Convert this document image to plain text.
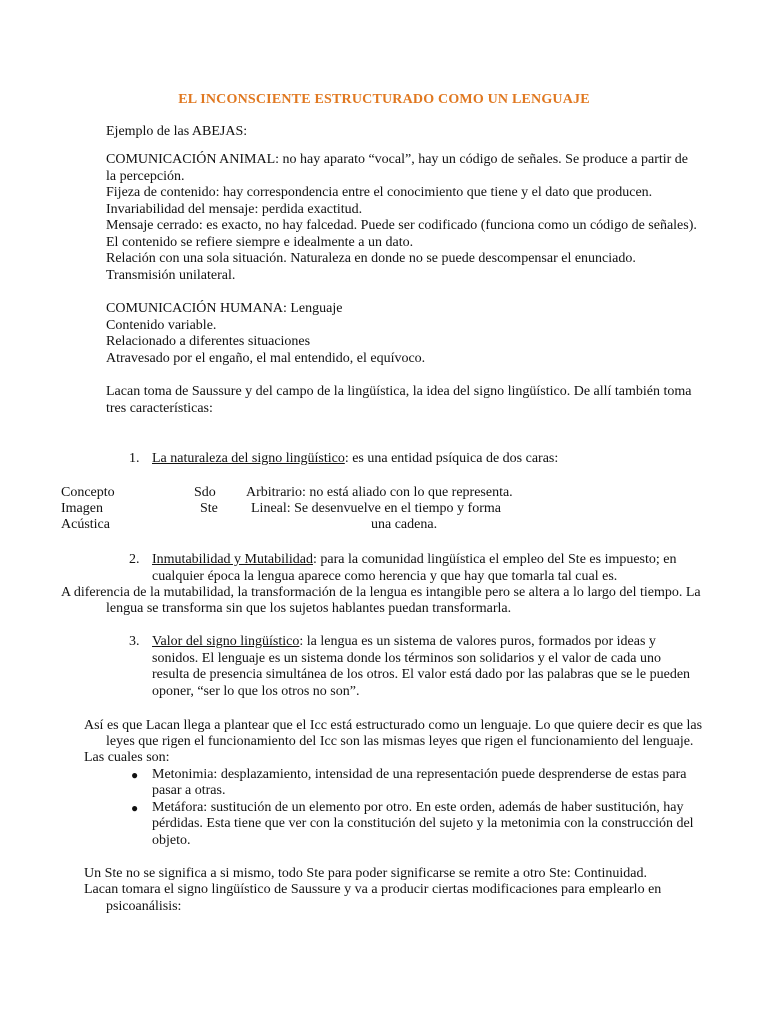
EL INCONSCIENTE ESTRUCTURADO COMO UN LENGUAJE
Ejemplo de las ABEJAS:
COMUNICACIÓN ANIMAL: no hay aparato “vocal”, hay un código de señales. Se produce a partir de
la percepción.
Fijeza de contenido: hay correspondencia entre el conocimiento que tiene y el dato que producen.
Invariabilidad del mensaje: perdida exactitud.
Mensaje cerrado: es exacto, no hay falcedad. Puede ser codificado (funciona como un código de señales).
El contenido se refiere siempre e idealmente a un dato.
Relación con una sola situación. Naturaleza en donde no se puede descompensar el enunciado.
Transmisión unilateral.
COMUNICACIÓN HUMANA: Lenguaje
Contenido variable.
Relacionado a diferentes situaciones
Atravesado por el engaño, el mal entendido, el equívoco.
Lacan toma de Saussure y del campo de la lingüística, la idea del signo lingüístico. De allí también toma
tres características:
1. La naturaleza del signo lingüístico: es una entidad psíquica de dos caras:
Concepto
Imagen
Acústica
Sdo
Ste
Arbitrario: no está aliado con lo que representa.
Lineal: Se desenvuelve en el tiempo y forma
una cadena.
2. Inmutabilidad y Mutabilidad: para la comunidad lingüística el empleo del Ste es impuesto; en
cualquier época la lengua aparece como herencia y que hay que tomarla tal cual es.
A diferencia de la mutabilidad, la transformación de la lengua es intangible pero se altera a lo largo del tiempo. La
lengua se transforma sin que los sujetos hablantes puedan transformarla.
3. Valor del signo lingüístico: la lengua es un sistema de valores puros, formados por ideas y
sonidos. El lenguaje es un sistema donde los términos son solidarios y el valor de cada uno
resulta de presencia simultánea de los otros. El valor está dado por las palabras que se le pueden
oponer, “ser lo que los otros no son”.
Así es que Lacan llega a plantear que el Icc está estructurado como un lenguaje. Lo que quiere decir es que las
leyes que rigen el funcionamiento del Icc son las mismas leyes que rigen el funcionamiento del lenguaje.
Las cuales son:
● Metonimia: desplazamiento, intensidad de una representación puede desprenderse de estas para
pasar a otras.
● Metáfora: sustitución de un elemento por otro. En este orden, además de haber sustitución, hay
pérdidas. Esta tiene que ver con la constitución del sujeto y la metonimia con la construcción del
objeto.
Un Ste no se significa a si mismo, todo Ste para poder significarse se remite a otro Ste: Continuidad.
Lacan tomara el signo lingüístico de Saussure y va a producir ciertas modificaciones para emplearlo en
psicoanálisis:
